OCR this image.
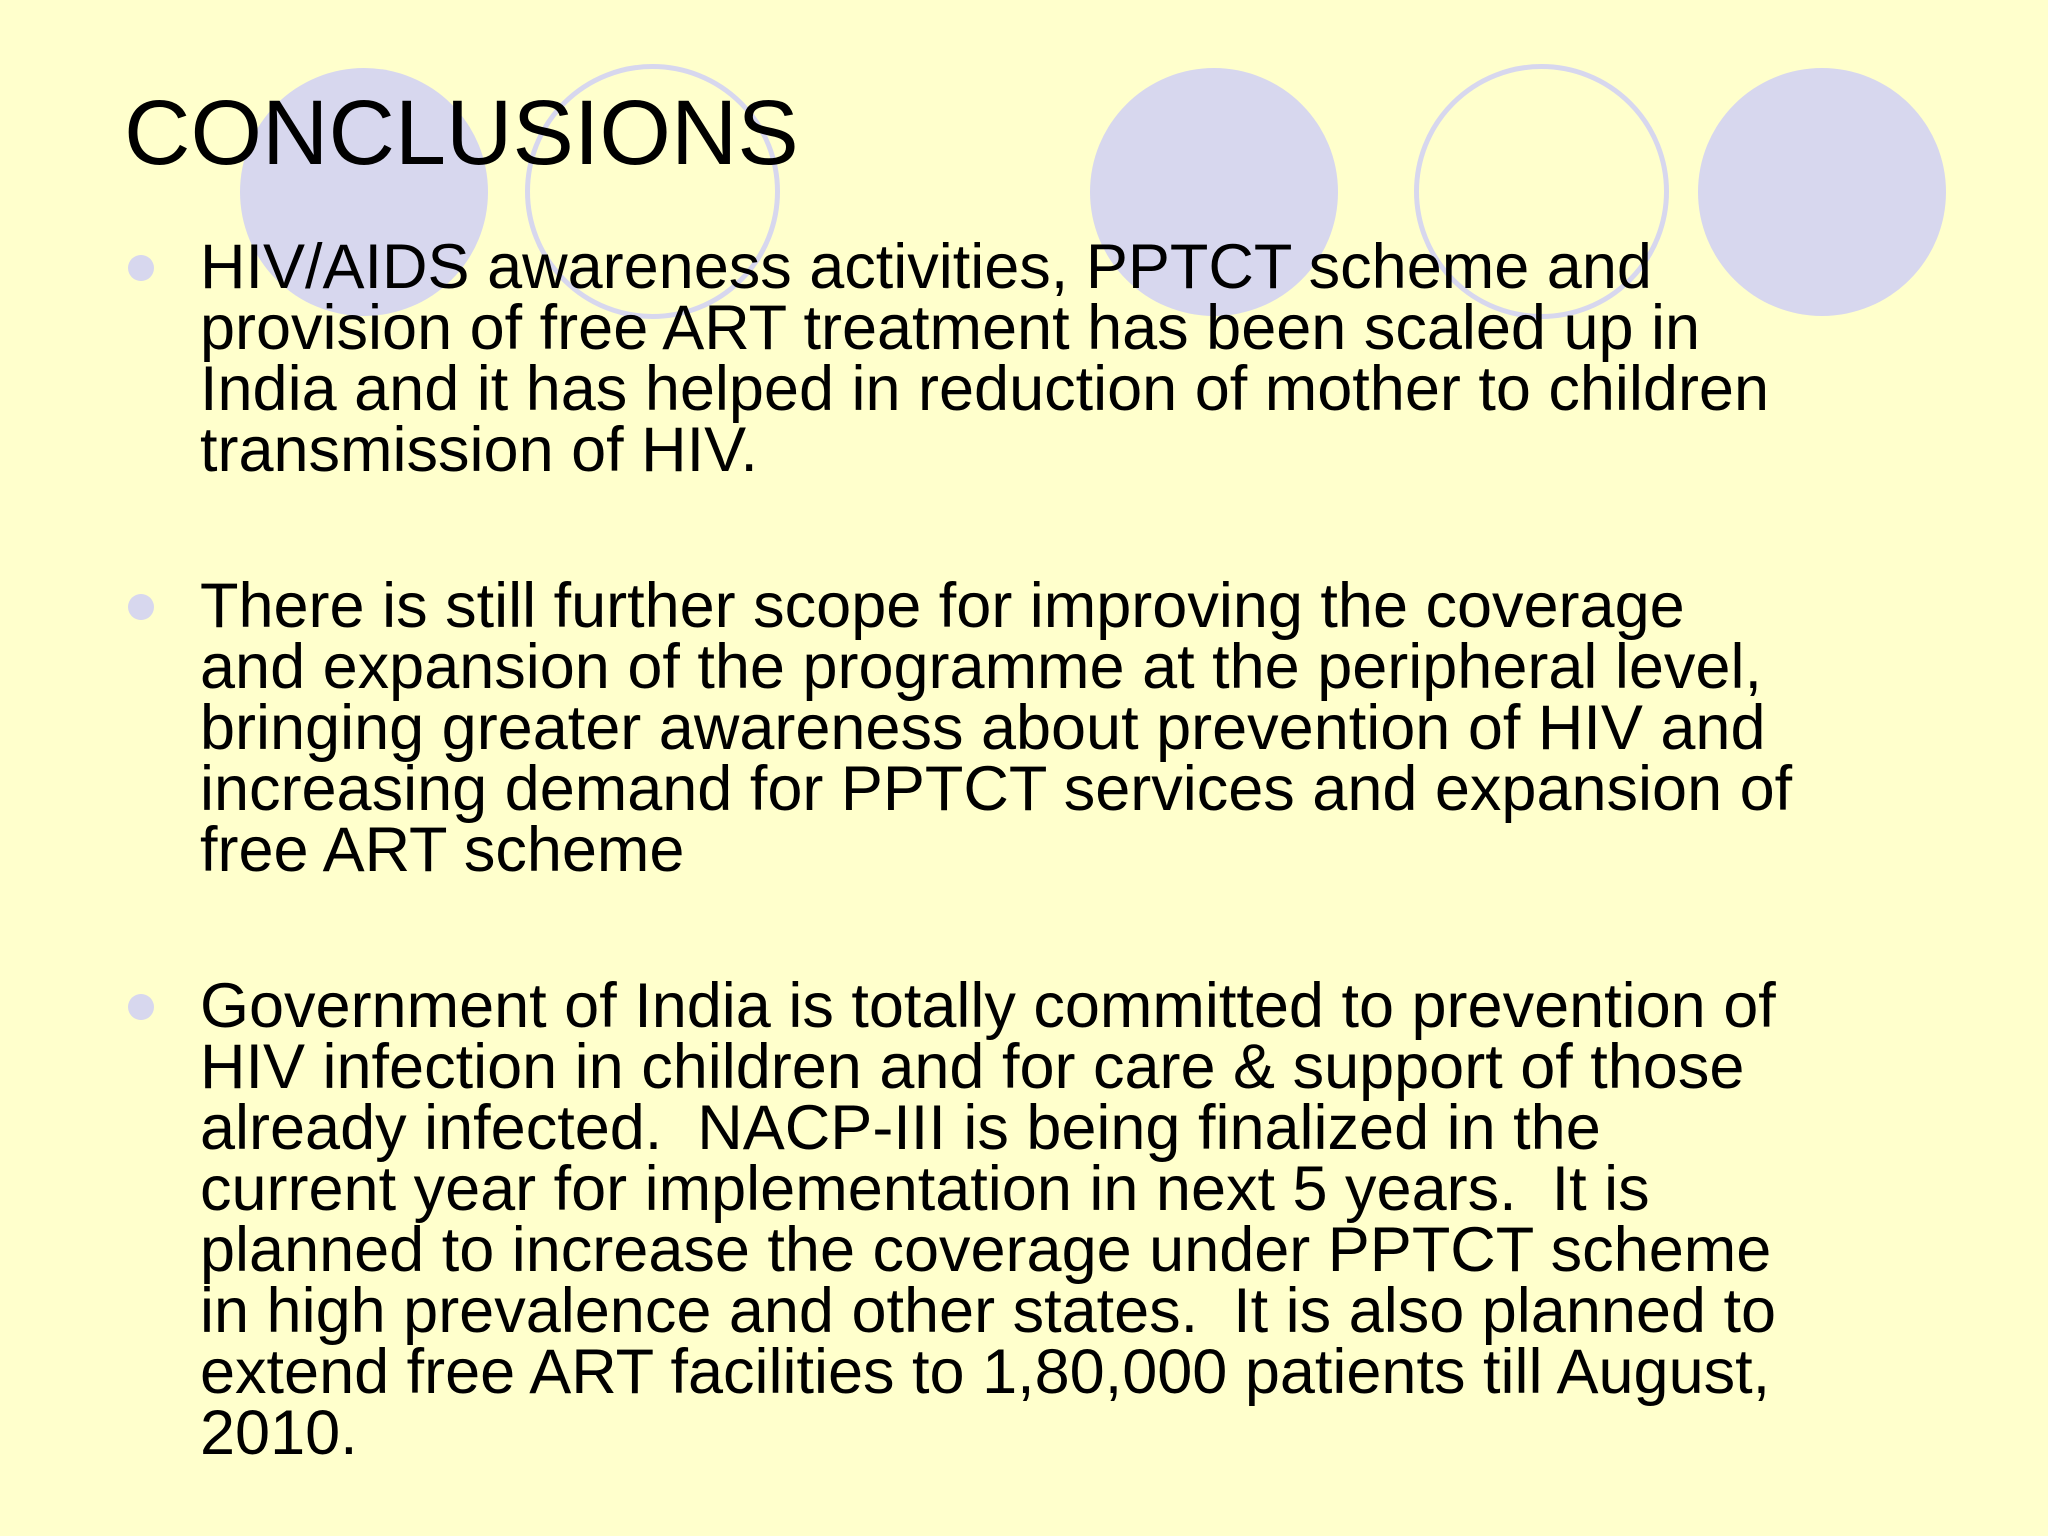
CONCLUSIONS
HIV/AIDS awareness activities, PPTCT scheme and
provision of free ART treatment has been scaled up in
India and it has helped in reduction of mother to children
transmission of HIV.
There is still further scope for improving the coverage
and expansion of the programme at the peripheral level,
bringing greater awareness about prevention of HIV and
increasing demand for PPTCT services and expansion of
free ART scheme
Government of India is totally committed to prevention of
HIV infection in children and for care & support of those
already infected.  NACP-III is being finalized in the
current year for implementation in next 5 years.  It is
planned to increase the coverage under PPTCT scheme
in high prevalence and other states.  It is also planned to
extend free ART facilities to 1,80,000 patients till August,
2010.
